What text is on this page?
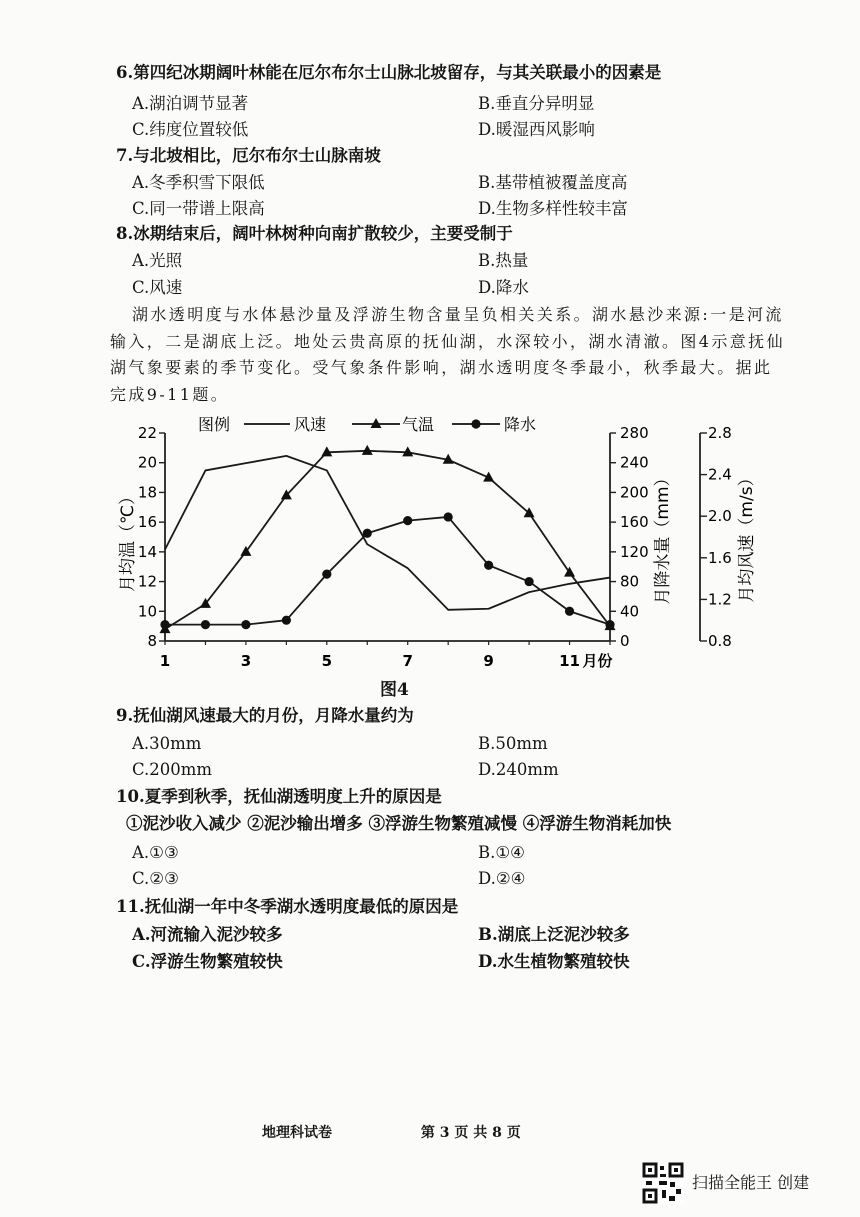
6.第四纪冰期阔叶林能在厄尔布尔士山脉北坡留存，与其关联最小的因素是
A.湖泊调节显著	B.垂直分异明显
C.纬度位置较低	D.暖湿西风影响
7.与北坡相比，厄尔布尔士山脉南坡
A.冬季积雪下限低	B.基带植被覆盖度高
C.同一带谱上限高	D.生物多样性较丰富
8.冰期结束后，阔叶林树种向南扩散较少，主要受制于
A.光照	B.热量
C.风速	D.降水
湖水透明度与水体悬沙量及浮游生物含量呈负相关关系。湖水悬沙来源:一是河流输入，二是湖底上泛。地处云贵高原的抚仙湖，水深较小，湖水清澈。图4示意抚仙湖气象要素的季节变化。受气象条件影响，湖水透明度冬季最小，秋季最大。据此完成9-11题。
8
10
12
14
16
18
20
22
0
40
80
120
160
200
240
280
0.8
1.2
1.6
2.0
2.4
2.8
1	3	5	7	9	11 月份
月均温（℃）	月降水量（mm）	月均风速（m/s）
图例	风速	气温	降水
图4
9.抚仙湖风速最大的月份，月降水量约为
A.30mm	B.50mm
C.200mm	D.240mm
10.夏季到秋季，抚仙湖透明度上升的原因是
①泥沙收入减少 ②泥沙输出增多 ③浮游生物繁殖减慢 ④浮游生物消耗加快
A.①③	B.①④
C.②③	D.②④
11.抚仙湖一年中冬季湖水透明度最低的原因是
A.河流输入泥沙较多	B.湖底上泛泥沙较多
C.浮游生物繁殖较快	D.水生植物繁殖较快
地理科试卷	第 3 页 共 8 页
扫描全能王 创建
